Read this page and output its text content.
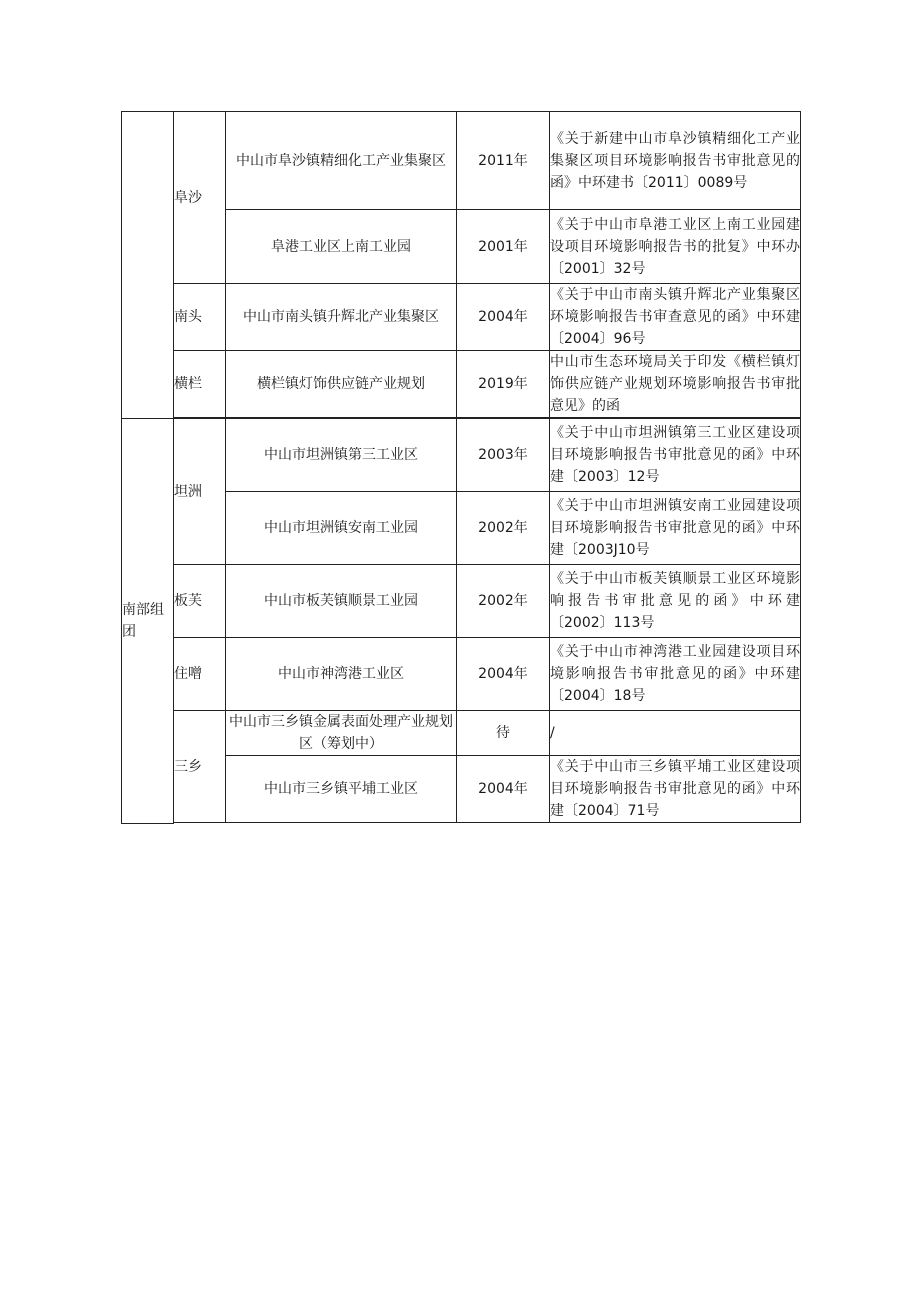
	阜沙	中山市阜沙镇精细化工产业集聚区	2011年	《关于新建中山市阜沙镇精细化工产业集聚区项目环境影响报告书审批意见的函》中环建书〔2011〕0089号
		阜港工业区上南工业园	2001年	《关于中山市阜港工业区上南工业园建设项目环境影响报告书的批复》中环办〔2001〕32号
	南头	中山市南头镇升辉北产业集聚区	2004年	《关于中山市南头镇升辉北产业集聚区环境影响报告书审查意见的函》中环建〔2004〕96号
	横栏	横栏镇灯饰供应链产业规划	2019年	中山市生态环境局关于印发《横栏镇灯饰供应链产业规划环境影响报告书审批意见》的函

南部组团	坦洲	中山市坦洲镇第三工业区	2003年	《关于中山市坦洲镇第三工业区建设项目环境影响报告书审批意见的函》中环建〔2003〕12号
		中山市坦洲镇安南工业园	2002年	《关于中山市坦洲镇安南工业园建设项目环境影响报告书审批意见的函》中环建〔2003J10号
	板芙	中山市板芙镇顺景工业园	2002年	《关于中山市板芙镇顺景工业区环境影响报告书审批意见的函》中环建〔2002〕113号
	住噌	中山市神湾港工业区	2004年	《关于中山市神湾港工业园建设项目环境影响报告书审批意见的函》中环建〔2004〕18号
	三乡	中山市三乡镇金属表面处理产业规划区（筹划中）	待	/
		中山市三乡镇平埔工业区	2004年	《关于中山市三乡镇平埔工业区建设项目环境影响报告书审批意见的函》中环建〔2004〕71号
